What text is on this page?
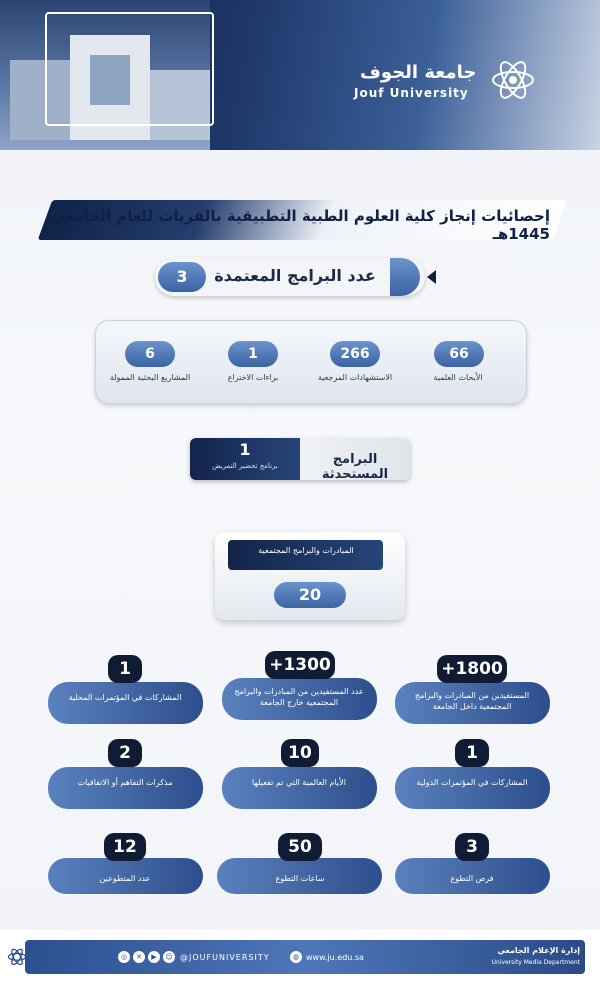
جامعة الجوف
Jouf University
إحصائيات إنجاز كلية العلوم الطبية التطبيقية بالقريات للعام الجامعي 1445هـ
3	عدد البرامج المعتمدة
66
الأبحاث العلمية
266
الاستشهادات المرجعية
1
براءات الاختراع
6
المشاريع البحثية الممولة
البرامج المستحدثة
1
برنامج تحضير التمريض
المبادرات والبرامج المجتمعية
20
+1800
المستفيدين من المبادرات والبرامج المجتمعية داخل الجامعة
+1300
عدد المستفيدين من المبادرات والبرامج المجتمعية خارج الجامعة
1
المشاركات في المؤتمرات المحلية
1
المشاركات في المؤتمرات الدولية
10
الأيام العالمية التي تم تفعيلها
2
مذكرات التفاهم أو الاتفاقيات
3
فرص التطوع
50
ساعات التطوع
12
عدد المتطوعين
إدارة الإعلام الجامعي
University Media Department
◍ www.ju.edu.sa
◎	✕	▶	☺ @JOUFUNIVERSITY
